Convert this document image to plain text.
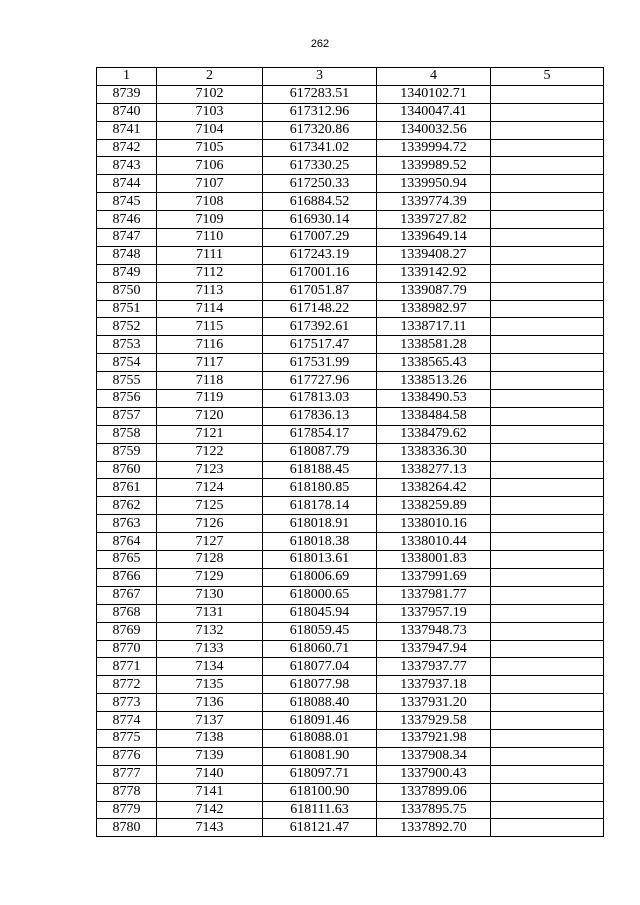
262
1	2	3	4	5
8739	7102	617283.51	1340102.71	
8740	7103	617312.96	1340047.41	
8741	7104	617320.86	1340032.56	
8742	7105	617341.02	1339994.72	
8743	7106	617330.25	1339989.52	
8744	7107	617250.33	1339950.94	
8745	7108	616884.52	1339774.39	
8746	7109	616930.14	1339727.82	
8747	7110	617007.29	1339649.14	
8748	7111	617243.19	1339408.27	
8749	7112	617001.16	1339142.92	
8750	7113	617051.87	1339087.79	
8751	7114	617148.22	1338982.97	
8752	7115	617392.61	1338717.11	
8753	7116	617517.47	1338581.28	
8754	7117	617531.99	1338565.43	
8755	7118	617727.96	1338513.26	
8756	7119	617813.03	1338490.53	
8757	7120	617836.13	1338484.58	
8758	7121	617854.17	1338479.62	
8759	7122	618087.79	1338336.30	
8760	7123	618188.45	1338277.13	
8761	7124	618180.85	1338264.42	
8762	7125	618178.14	1338259.89	
8763	7126	618018.91	1338010.16	
8764	7127	618018.38	1338010.44	
8765	7128	618013.61	1338001.83	
8766	7129	618006.69	1337991.69	
8767	7130	618000.65	1337981.77	
8768	7131	618045.94	1337957.19	
8769	7132	618059.45	1337948.73	
8770	7133	618060.71	1337947.94	
8771	7134	618077.04	1337937.77	
8772	7135	618077.98	1337937.18	
8773	7136	618088.40	1337931.20	
8774	7137	618091.46	1337929.58	
8775	7138	618088.01	1337921.98	
8776	7139	618081.90	1337908.34	
8777	7140	618097.71	1337900.43	
8778	7141	618100.90	1337899.06	
8779	7142	618111.63	1337895.75	
8780	7143	618121.47	1337892.70	
